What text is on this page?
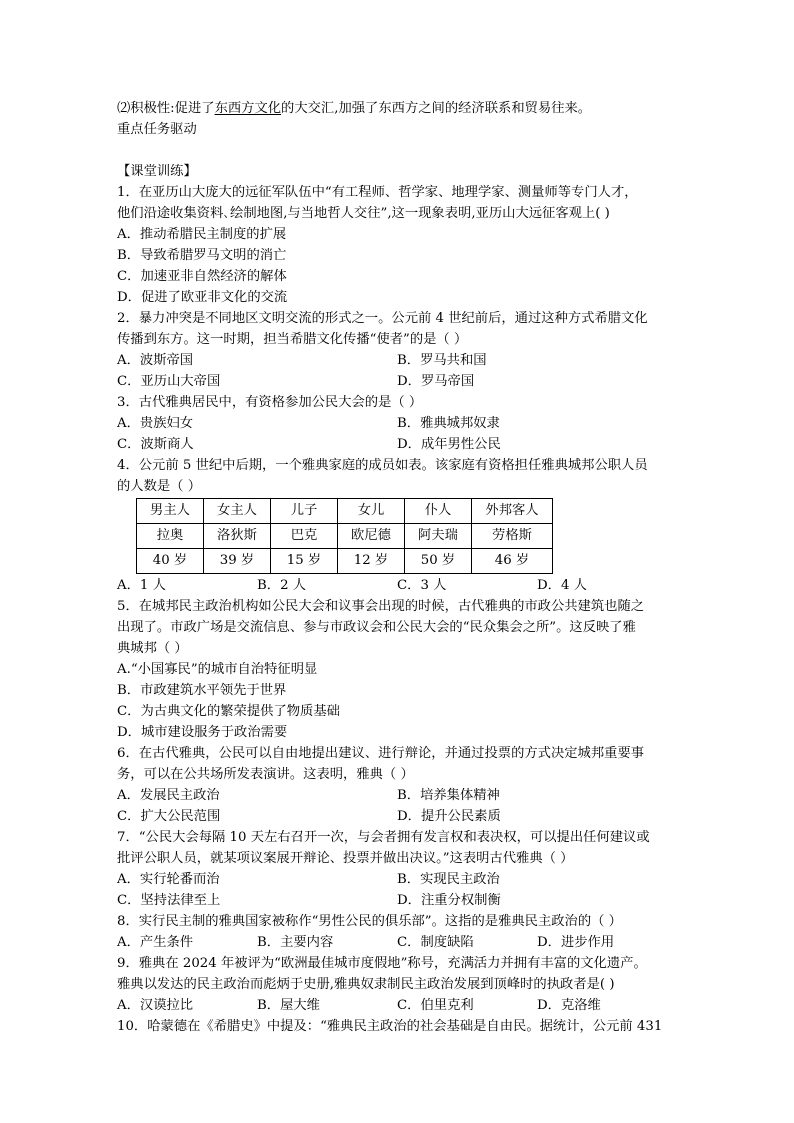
⑵积极性:促进了东西方文化的大交汇,加强了东西方之间的经济联系和贸易往来。
重点任务驱动
【课堂训练】
1．在亚历山大庞大的远征军队伍中“有工程师、哲学家、地理学家、测量师等专门人才，
他们沿途收集资料､绘制地图,与当地哲人交往”,这一现象表明,亚历山大远征客观上( )
A．推动希腊民主制度的扩展
B．导致希腊罗马文明的消亡
C．加速亚非自然经济的解体
D．促进了欧亚非文化的交流
2．暴力冲突是不同地区文明交流的形式之一。公元前 4 世纪前后，通过这种方式希腊文化
传播到东方。这一时期，担当希腊文化传播“使者”的是（ ）
A．波斯帝国	B．罗马共和国
C．亚历山大帝国	D．罗马帝国
3．古代雅典居民中，有资格参加公民大会的是（ ）
A．贵族妇女	B．雅典城邦奴隶
C．波斯商人	D．成年男性公民
4．公元前 5 世纪中后期，一个雅典家庭的成员如表。该家庭有资格担任雅典城邦公职人员
的人数是（ ）
男主人	女主人	儿子	女儿	仆人	外邦客人
拉奥	洛狄斯	巴克	欧尼德	阿夫瑞	劳格斯
40 岁	39 岁	15 岁	12 岁	50 岁	46 岁
A．1 人	B．2 人	C．3 人	D．4 人
5．在城邦民主政治机构如公民大会和议事会出现的时候，古代雅典的市政公共建筑也随之
出现了。市政广场是交流信息、参与市政议会和公民大会的“民众集会之所”。这反映了雅
典城邦（ ）
A.“小国寡民”的城市自治特征明显
B．市政建筑水平领先于世界
C．为古典文化的繁荣提供了物质基础
D．城市建设服务于政治需要
6．在古代雅典，公民可以自由地提出建议、进行辩论，并通过投票的方式决定城邦重要事
务，可以在公共场所发表演讲。这表明，雅典（ ）
A．发展民主政治	B．培养集体精神
C．扩大公民范围	D．提升公民素质
7．“公民大会每隔 10 天左右召开一次，与会者拥有发言权和表决权，可以提出任何建议或
批评公职人员，就某项议案展开辩论、投票并做出决议。”这表明古代雅典（ ）
A．实行轮番而治	B．实现民主政治
C．坚持法律至上	D．注重分权制衡
8．实行民主制的雅典国家被称作“男性公民的俱乐部”。这指的是雅典民主政治的（ ）
A．产生条件	B．主要内容	C．制度缺陷	D．进步作用
9．雅典在 2024 年被评为“欧洲最佳城市度假地”称号，充满活力并拥有丰富的文化遗产。
雅典以发达的民主政治而彪炳于史册,雅典奴隶制民主政治发展到顶峰时的执政者是( )
A．汉谟拉比	B．屋大维	C．伯里克利	D．克洛维
10．哈蒙德在《希腊史》中提及：“雅典民主政治的社会基础是自由民。据统计，公元前 431
